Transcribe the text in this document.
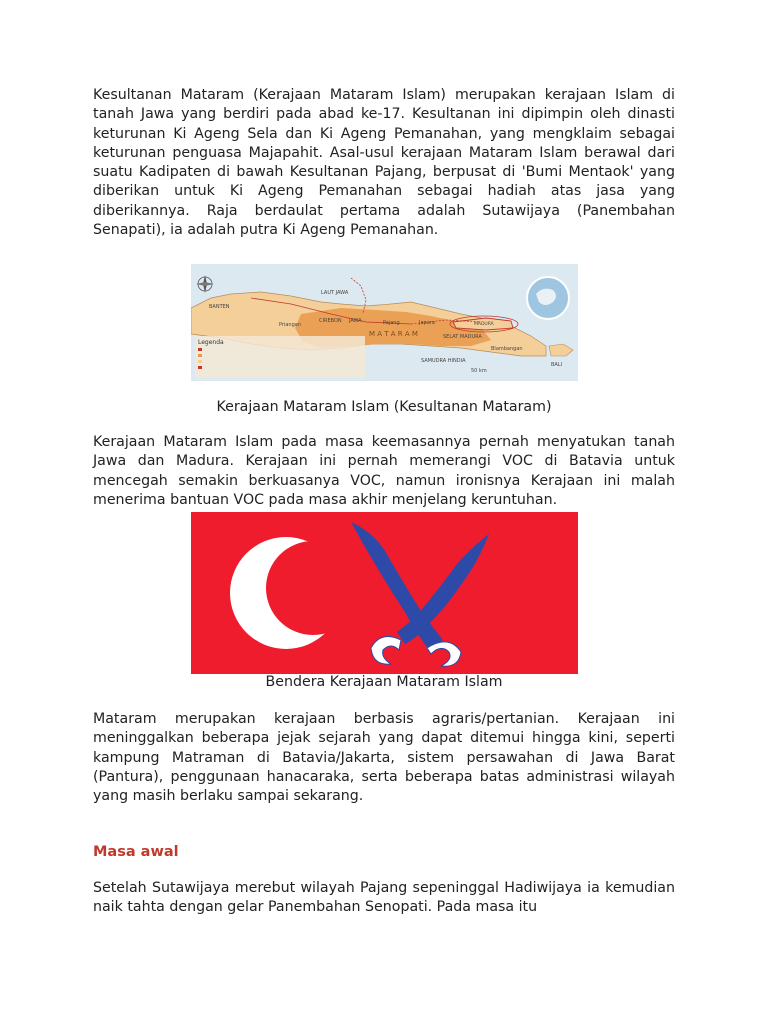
Kesultanan Mataram (Kerajaan Mataram Islam) merupakan kerajaan Islam di tanah Jawa yang berdiri pada abad ke-17. Kesultanan ini dipimpin oleh dinasti keturunan Ki Ageng Sela dan Ki Ageng Pemanahan, yang mengklaim sebagai keturunan penguasa Majapahit. Asal-usul kerajaan Mataram Islam berawal dari suatu Kadipaten di bawah Kesultanan Pajang, berpusat di 'Bumi Mentaok' yang diberikan untuk Ki Ageng Pemanahan sebagai hadiah atas jasa yang diberikannya. Raja berdaulat pertama adalah Sutawijaya (Panembahan Senapati), ia adalah putra Ki Ageng Pemanahan.

Legenda
LAUT JAWA
SELAT MADURA
SAMUDRA HINDIA
M A T A R A M
BANTEN
Priangan
CIREBON JAWA	Pajang	Japara	MADURA
Blambangan
BALI
50 km

Kerajaan Mataram Islam (Kesultanan Mataram)

Kerajaan Mataram Islam pada masa keemasannya pernah menyatukan tanah Jawa dan Madura. Kerajaan ini pernah memerangi VOC di Batavia untuk mencegah semakin berkuasanya VOC, namun ironisnya Kerajaan ini malah menerima bantuan VOC pada masa akhir menjelang keruntuhan.

Bendera Kerajaan Mataram Islam

Mataram merupakan kerajaan berbasis agraris/pertanian. Kerajaan ini meninggalkan beberapa jejak sejarah yang dapat ditemui hingga kini, seperti kampung Matraman di Batavia/Jakarta, sistem persawahan di Jawa Barat (Pantura), penggunaan hanacaraka, serta beberapa batas administrasi wilayah yang masih berlaku sampai sekarang.

Masa awal

Setelah Sutawijaya merebut wilayah Pajang sepeninggal Hadiwijaya ia kemudian naik tahta dengan gelar Panembahan Senopati. Pada masa itu
